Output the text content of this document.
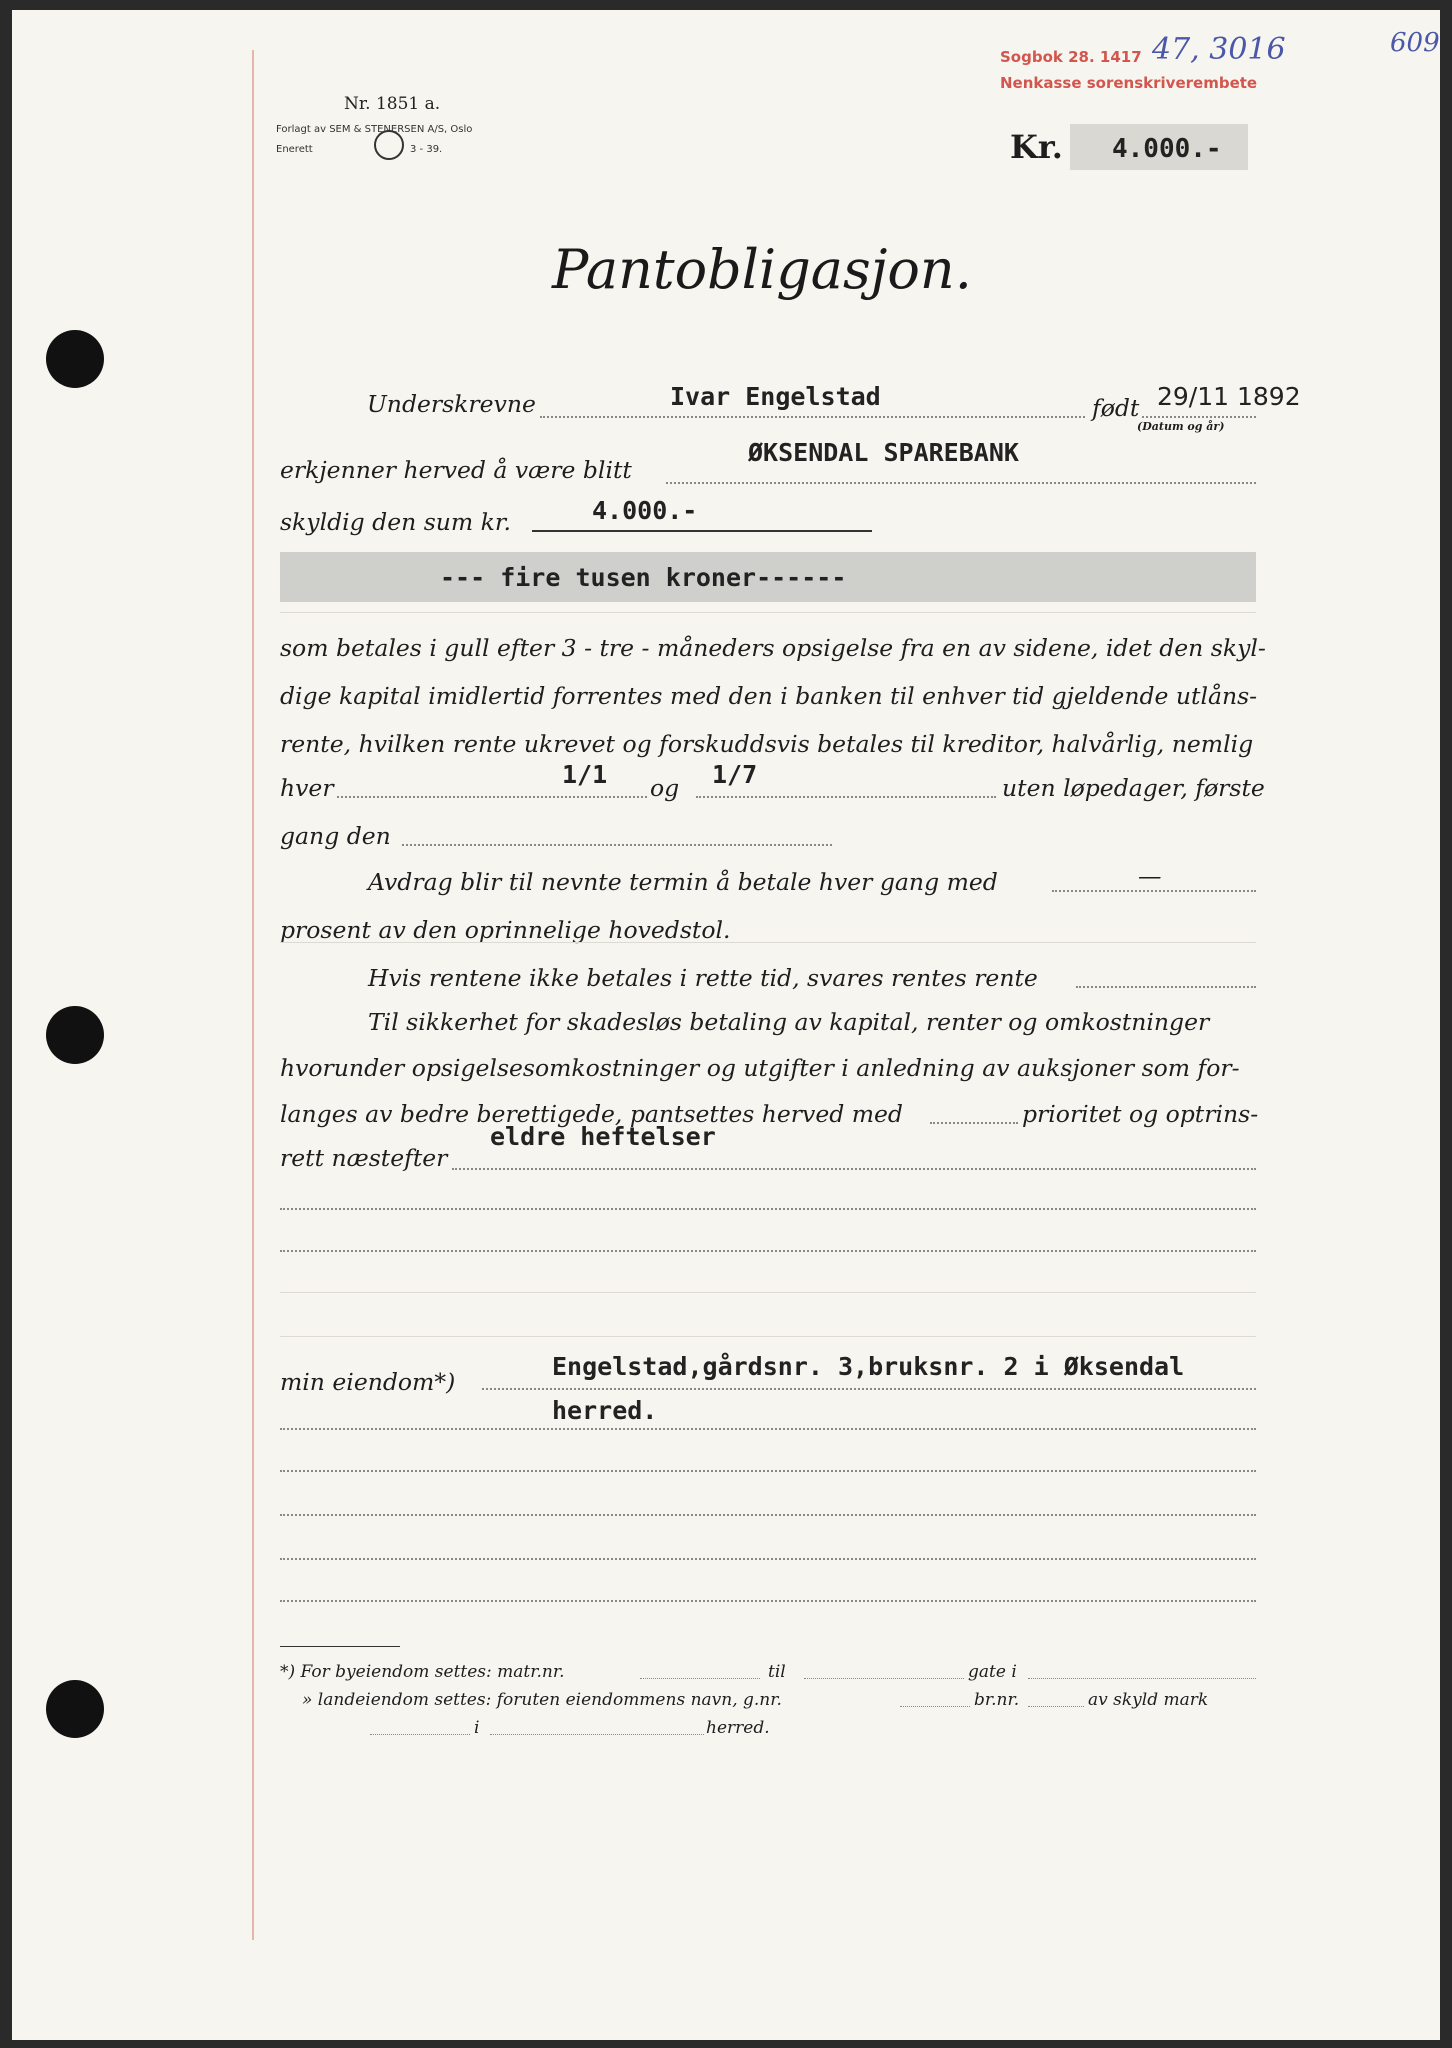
Sogbok 28. 1417
Nenkasse sorenskriverembete
47, 3016	609
Nr. 1851 a.
Forlagt av SEM & STENERSEN A/S, Oslo
Enerett	3 - 39.	Kr. 4.000.-
Pantobligasjon.
Underskrevne	Ivar Engelstad	født 29/11 1892
(Datum og år)
erkjenner herved å være blitt
ØKSENDAL SPAREBANK
skyldig den sum kr.	4.000.-
--- fire tusen kroner------
som betales i gull efter 3 - tre - måneders opsigelse fra en av sidene, idet den skyl-
dige kapital imidlertid forrentes med den i banken til enhver tid gjeldende utlåns-
rente, hvilken rente ukrevet og forskuddsvis betales til kreditor, halvårlig, nemlig
hver	1/1 og 1/7	uten løpedager, første
gang den
Avdrag blir til nevnte termin å betale hver gang med	—
prosent av den oprinnelige hovedstol.
Hvis rentene ikke betales i rette tid, svares rentes rente
Til sikkerhet for skadesløs betaling av kapital, renter og omkostninger
hvorunder opsigelsesomkostninger og utgifter i anledning av auksjoner som for-
langes av bedre berettigede, pantsettes herved med	prioritet og optrins-
rett næstefter
eldre heftelser
min eiendom*)
Engelstad,gårdsnr. 3,bruksnr. 2 i Øksendal
herred.
*) For byeiendom settes: matr.nr.	til	gate i
» landeiendom settes: foruten eiendommens navn, g.nr.	br.nr.	av skyld mark
i	herred.
